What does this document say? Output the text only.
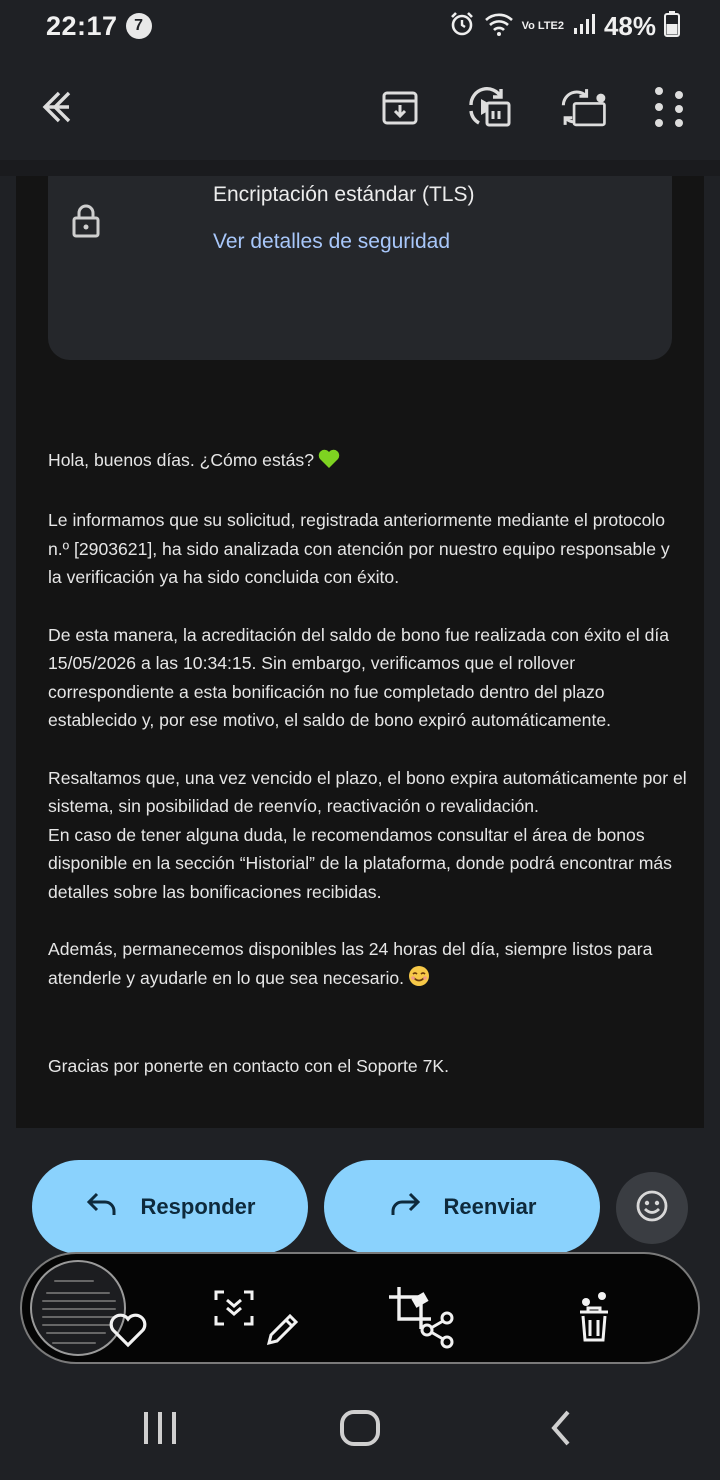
22:17	7	Vo LTE2 48%
Encriptación estándar (TLS)
Ver detalles de seguridad

Hola, buenos días. ¿Cómo estás?

Le informamos que su solicitud, registrada anteriormente mediante el protocolo n.º [2903621], ha sido analizada con atención por nuestro equipo responsable y la verificación ya ha sido concluida con éxito.

De esta manera, la acreditación del saldo de bono fue realizada con éxito el día 15/05/2026 a las 10:34:15. Sin embargo, verificamos que el rollover correspondiente a esta bonificación no fue completado dentro del plazo establecido y, por ese motivo, el saldo de bono expiró automáticamente.

Resaltamos que, una vez vencido el plazo, el bono expira automáticamente por el sistema, sin posibilidad de reenvío, reactivación o revalidación.

En caso de tener alguna duda, le recomendamos consultar el área de bonos disponible en la sección “Historial” de la plataforma, donde podrá encontrar más detalles sobre las bonificaciones recibidas.

Además, permanecemos disponibles las 24 horas del día, siempre listos para atenderle y ayudarle en lo que sea necesario.

Gracias por ponerte en contacto con el Soporte 7K.

Responder	Reenviar
